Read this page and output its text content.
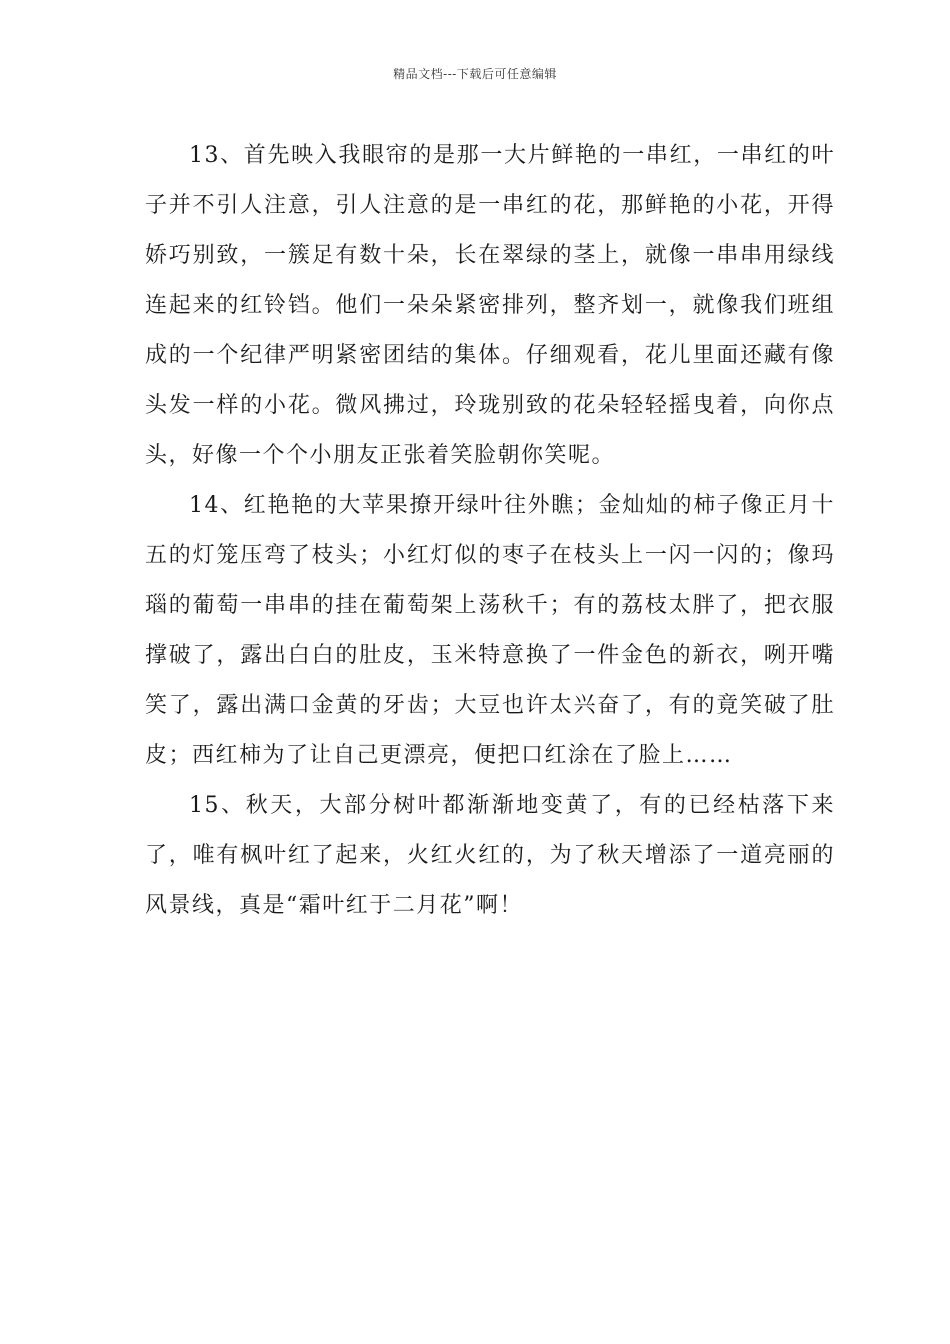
精品文档---下载后可任意编辑

13、首先映入我眼帘的是那一大片鲜艳的一串红，一串红的叶子并不引人注意，引人注意的是一串红的花，那鲜艳的小花，开得娇巧别致，一簇足有数十朵，长在翠绿的茎上，就像一串串用绿线连起来的红铃铛。他们一朵朵紧密排列，整齐划一，就像我们班组成的一个纪律严明紧密团结的集体。仔细观看，花儿里面还藏有像头发一样的小花。微风拂过，玲珑别致的花朵轻轻摇曳着，向你点头，好像一个个小朋友正张着笑脸朝你笑呢。

14、红艳艳的大苹果撩开绿叶往外瞧；金灿灿的柿子像正月十五的灯笼压弯了枝头；小红灯似的枣子在枝头上一闪一闪的；像玛瑙的葡萄一串串的挂在葡萄架上荡秋千；有的荔枝太胖了，把衣服撑破了，露出白白的肚皮，玉米特意换了一件金色的新衣，咧开嘴笑了，露出满口金黄的牙齿；大豆也许太兴奋了，有的竟笑破了肚皮；西红柿为了让自己更漂亮，便把口红涂在了脸上……

15、秋天，大部分树叶都渐渐地变黄了，有的已经枯落下来了，唯有枫叶红了起来，火红火红的，为了秋天增添了一道亮丽的风景线，真是“霜叶红于二月花”啊！
